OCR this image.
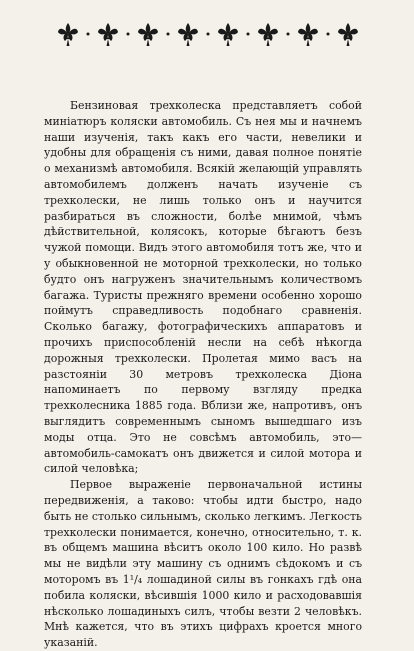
Бензиновая трехколеска представляетъ собой миніатюръ коляски автомобиль. Съ нея мы и начнемъ наши изученія, такъ какъ его части, невелики и удобны для обращенія съ ними, давая полное понятіе о механизмѣ автомобиля. Всякій желающій управлять автомобилемъ долженъ начать изученіе съ трехколески, не лишь только онъ и научится разбираться въ сложности, болѣе мнимой, чѣмъ дѣйствительной, колясокъ, которые бѣгаютъ безъ чужой помощи. Видъ этого автомобиля тотъ же, что и у обыкновенной не моторной трехколески, но только будто онъ нагруженъ значительнымъ количествомъ багажа. Туристы прежняго времени особенно хорошо поймутъ справедливость подобнаго сравненія. Сколько багажу, фотографическихъ аппаратовъ и прочихъ приспособленій несли на себѣ нѣкогда дорожныя трехколески. Пролетая мимо васъ на разстояніи 30 метровъ трехколеска Діона напоминаетъ по первому взгляду предка трехколесника 1885 года. Вблизи же, напротивъ, онъ выглядитъ современнымъ сыномъ вышедшаго изъ моды отца. Это не совсѣмъ автомобиль, это—автомобиль-самокатъ онъ движется и силой мотора и силой человѣка;

Первое выраженіе первоначальной истины передвиженія, а таково: чтобы идти быстро, надо быть не столько сильнымъ, сколько легкимъ. Легкость трехколески понимается, конечно, относительно, т. к. въ общемъ машина вѣситъ около 100 кило. Но развѣ мы не видѣли эту машину съ однимъ сѣдокомъ и съ моторомъ въ 1¹/₄ лошадиной силы въ гонкахъ гдѣ она побила коляски, вѣсившія 1000 кило и расходовавшія нѣсколько лошадиныхъ силъ, чтобы везти 2 человѣкъ. Мнѣ кажется, что въ этихъ цифрахъ кроется много указаній.
